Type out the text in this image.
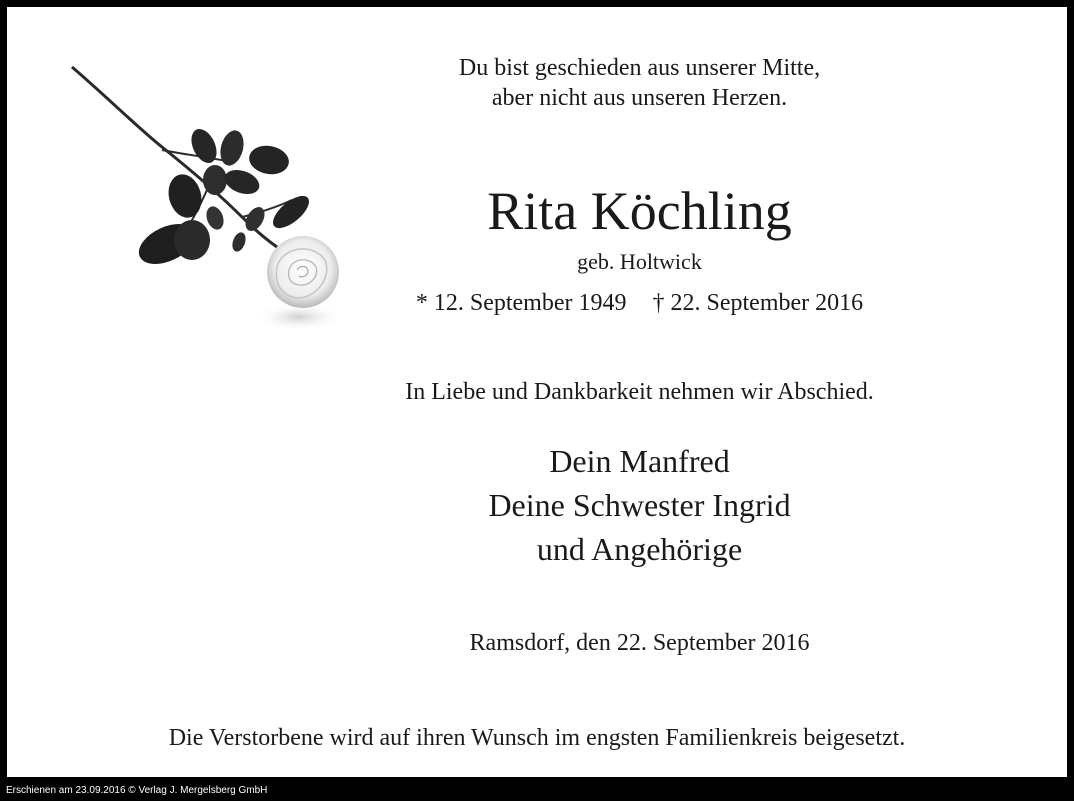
Du bist geschieden aus unserer Mitte,
aber nicht aus unseren Herzen.
Rita Köchling
geb. Holtwick
* 12. September 1949 † 22. September 2016
In Liebe und Dankbarkeit nehmen wir Abschied.
Dein Manfred
Deine Schwester Ingrid
und Angehörige
Ramsdorf, den 22. September 2016
Die Verstorbene wird auf ihren Wunsch im engsten Familienkreis beigesetzt.
Erschienen am 23.09.2016 © Verlag J. Mergelsberg GmbH
